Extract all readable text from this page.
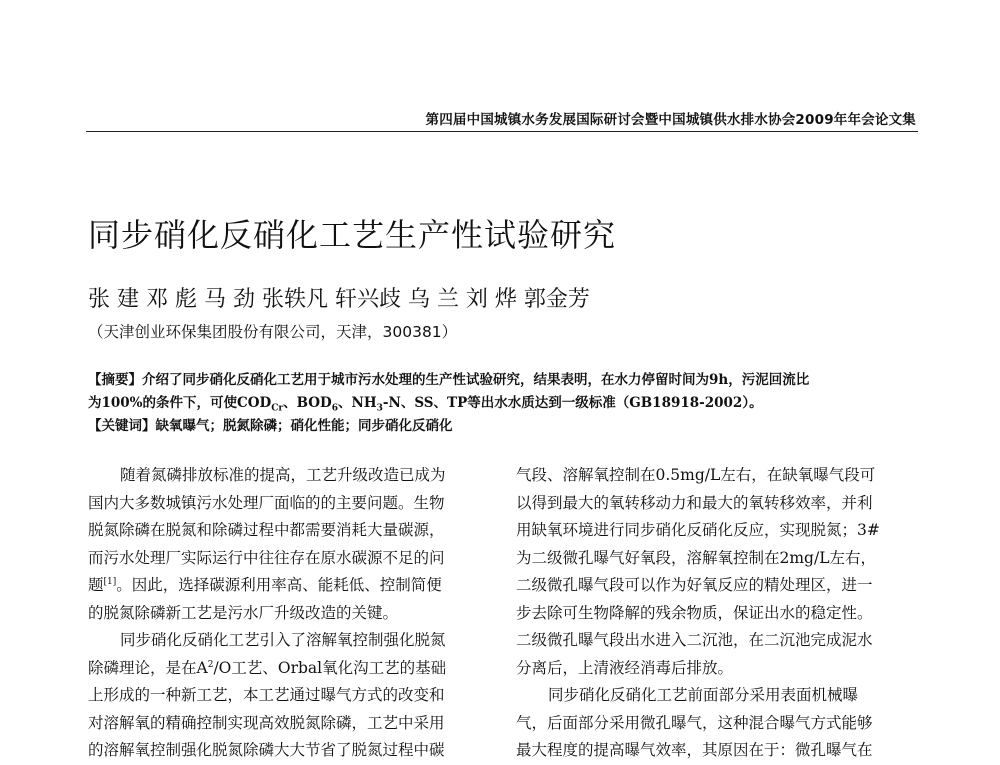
第四届中国城镇水务发展国际研讨会暨中国城镇供水排水协会2009年年会论文集
同步硝化反硝化工艺生产性试验研究
张 建 邓 彪 马 劲 张轶凡 轩兴歧 乌 兰 刘 烨 郭金芳
（天津创业环保集团股份有限公司，天津，300381）
【摘要】介绍了同步硝化反硝化工艺用于城市污水处理的生产性试验研究，结果表明，在水力停留时间为9h，污泥回流比
为100%的条件下，可使$COD_{Cr}$、$BOD_6$、$NH_3-N$、SS、TP等出水水质达到一级标准（GB18918-2002）。
【关键词】缺氧曝气；脱氮除磷；硝化性能；同步硝化反硝化
随着氮磷排放标准的提高，工艺升级改造已成为
国内大多数城镇污水处理厂面临的的主要问题。生物
脱氮除磷在脱氮和除磷过程中都需要消耗大量碳源，
而污水处理厂实际运行中往往存在原水碳源不足的问
题[1]。因此，选择碳源利用率高、能耗低、控制简便
的脱氮除磷新工艺是污水厂升级改造的关键。
同步硝化反硝化工艺引入了溶解氧控制强化脱氮
除磷理论，是在$A^2/O$工艺、Orbal氧化沟工艺的基础
上形成的一种新工艺，本工艺通过曝气方式的改变和
对溶解氧的精确控制实现高效脱氮除磷，工艺中采用
的溶解氧控制强化脱氮除磷大大节省了脱氮过程中碳
气段、溶解氧控制在0.5mg/L左右，在缺氧曝气段可
以得到最大的氧转移动力和最大的氧转移效率，并利
用缺氧环境进行同步硝化反硝化反应，实现脱氮；3#
为二级微孔曝气好氧段，溶解氧控制在2mg/L左右，
二级微孔曝气段可以作为好氧反应的精处理区，进一
步去除可生物降解的残余物质，保证出水的稳定性。
二级微孔曝气段出水进入二沉池，在二沉池完成泥水
分离后，上清液经消毒后排放。
同步硝化反硝化工艺前面部分采用表面机械曝
气，后面部分采用微孔曝气，这种混合曝气方式能够
最大程度的提高曝气效率，其原因在于：微孔曝气在
